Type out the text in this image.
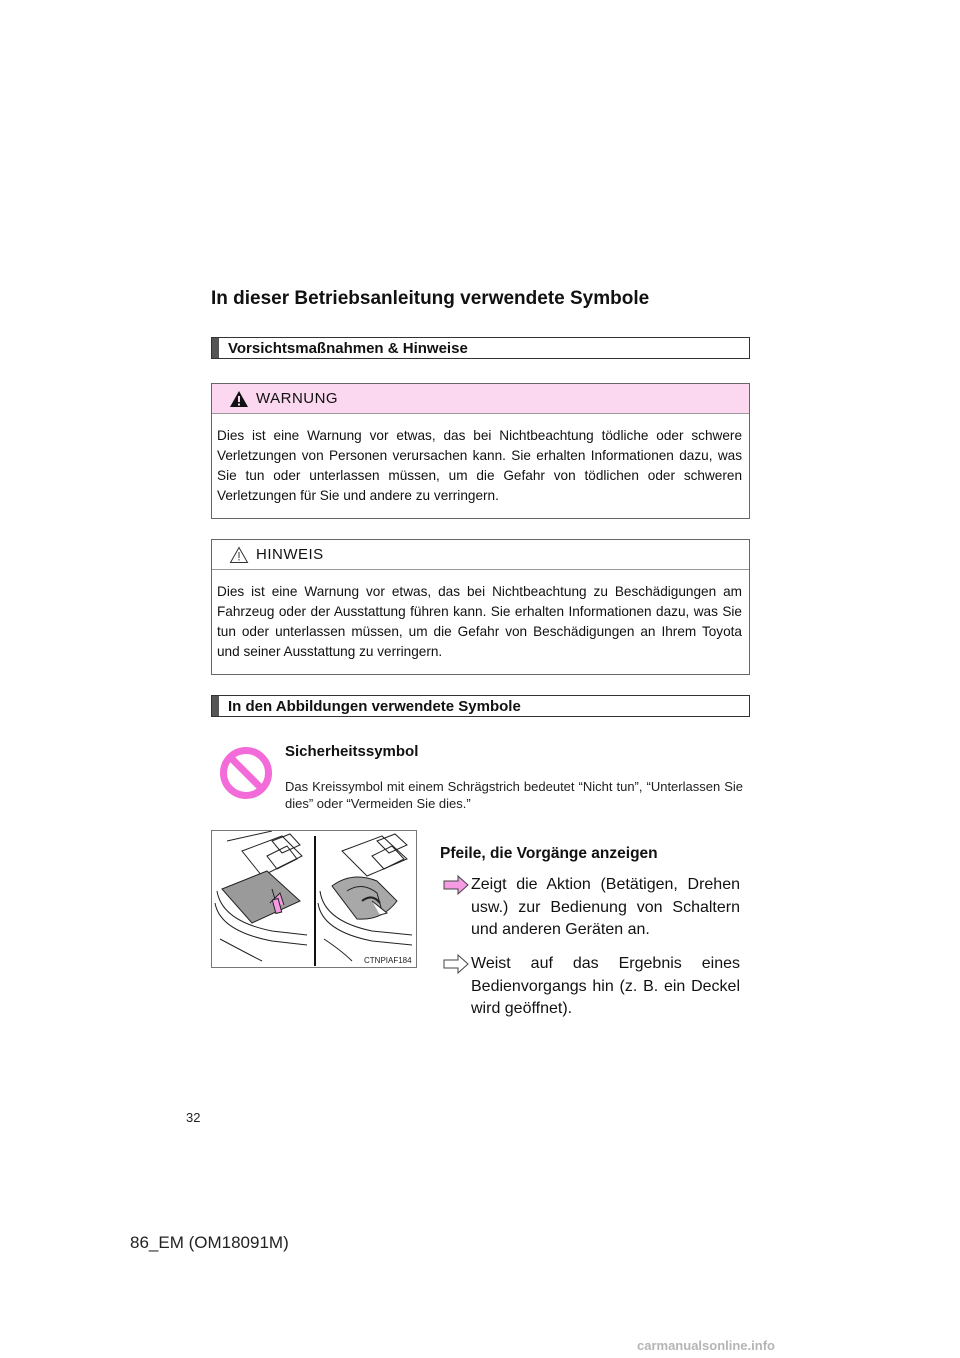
In dieser Betriebsanleitung verwendete Symbole
Vorsichtsmaßnahmen & Hinweise
WARNUNG
Dies ist eine Warnung vor etwas, das bei Nichtbeachtung tödliche oder schwere Verletzungen von Personen verursachen kann. Sie erhalten Informationen dazu, was Sie tun oder unterlassen müssen, um die Gefahr von tödlichen oder schweren Verletzungen für Sie und andere zu verringern.
HINWEIS
Dies ist eine Warnung vor etwas, das bei Nichtbeachtung zu Beschädigungen am Fahrzeug oder der Ausstattung führen kann. Sie erhalten Informationen dazu, was Sie tun oder unterlassen müssen, um die Gefahr von Beschädigungen an Ihrem Toyota und seiner Ausstattung zu verringern.
In den Abbildungen verwendete Symbole
Sicherheitssymbol
Das Kreissymbol mit einem Schrägstrich bedeutet “Nicht tun”, “Unterlassen Sie dies” oder “Vermeiden Sie dies.”
CTNPIAF184
Pfeile, die Vorgänge anzeigen
Zeigt die Aktion (Betätigen, Drehen usw.) zur Bedienung von Schaltern und anderen Geräten an.
Weist auf das Ergebnis eines Bedienvorgangs hin (z. B. ein Deckel wird geöffnet).
32
86_EM (OM18091M)
carmanualsonline.info
